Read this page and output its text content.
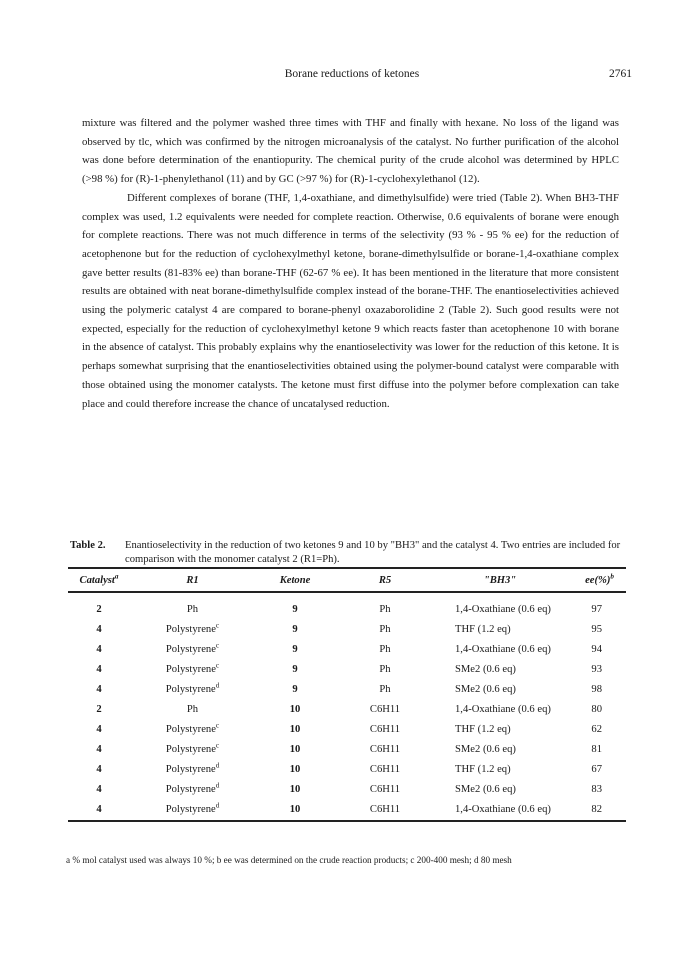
Borane reductions of ketones	2761

mixture was filtered and the polymer washed three times with THF and finally with hexane. No loss of the ligand was observed by tlc, which was confirmed by the nitrogen microanalysis of the catalyst. No further purification of the alcohol was done before determination of the enantiopurity. The chemical purity of the crude alcohol was determined by HPLC (>98 %) for (R)-1-phenylethanol (11) and by GC (>97 %) for (R)-1-cyclohexylethanol (12).

Different complexes of borane (THF, 1,4-oxathiane, and dimethylsulfide) were tried (Table 2). When BH3-THF complex was used, 1.2 equivalents were needed for complete reaction. Otherwise, 0.6 equivalents of borane were enough for complete reactions. There was not much difference in terms of the selectivity (93 % - 95 % ee) for the reduction of acetophenone but for the reduction of cyclohexylmethyl ketone, borane-dimethylsulfide or borane-1,4-oxathiane complex gave better results (81-83% ee) than borane-THF (62-67 % ee). It has been mentioned in the literature that more consistent results are obtained with neat borane-dimethylsulfide complex instead of the borane-THF. The enantioselectivities achieved using the polymeric catalyst 4 are compared to borane-phenyl oxazaborolidine 2 (Table 2). Such good results were not expected, especially for the reduction of cyclohexylmethyl ketone 9 which reacts faster than acetophenone 10 with borane in the absence of catalyst. This probably explains why the enantioselectivity was lower for the reduction of this ketone. It is perhaps somewhat surprising that the enantioselectivities obtained using the polymer-bound catalyst were comparable with those obtained using the monomer catalysts. The ketone must first diffuse into the polymer before complexation can take place and could therefore increase the chance of uncatalysed reduction.

Table 2. Enantioselectivity in the reduction of two ketones 9 and 10 by "BH3" and the catalyst 4. Two entries are included for comparison with the monomer catalyst 2 (R1=Ph).
Catalyst$^a$	R1	Ketone	R5	"BH3"	ee(%)$^b$
2	Ph	9	Ph	1,4-Oxathiane (0.6 eq)	97
4	Polystyrene$^c$	9	Ph	THF (1.2 eq)	95
4	Polystyrene$^c$	9	Ph	1,4-Oxathiane (0.6 eq)	94
4	Polystyrene$^c$	9	Ph	SMe2 (0.6 eq)	93
4	Polystyrene$^d$	9	Ph	SMe2 (0.6 eq)	98
2	Ph	10	C6H11	1,4-Oxathiane (0.6 eq)	80
4	Polystyrene$^c$	10	C6H11	THF (1.2 eq)	62
4	Polystyrene$^c$	10	C6H11	SMe2 (0.6 eq)	81
4	Polystyrene$^d$	10	C6H11	THF (1.2 eq)	67
4	Polystyrene$^d$	10	C6H11	SMe2 (0.6 eq)	83
4	Polystyrene$^d$	10	C6H11	1,4-Oxathiane (0.6 eq)	82
a % mol catalyst used was always 10 %; b ee was determined on the crude reaction products; c 200-400 mesh; d 80 mesh
